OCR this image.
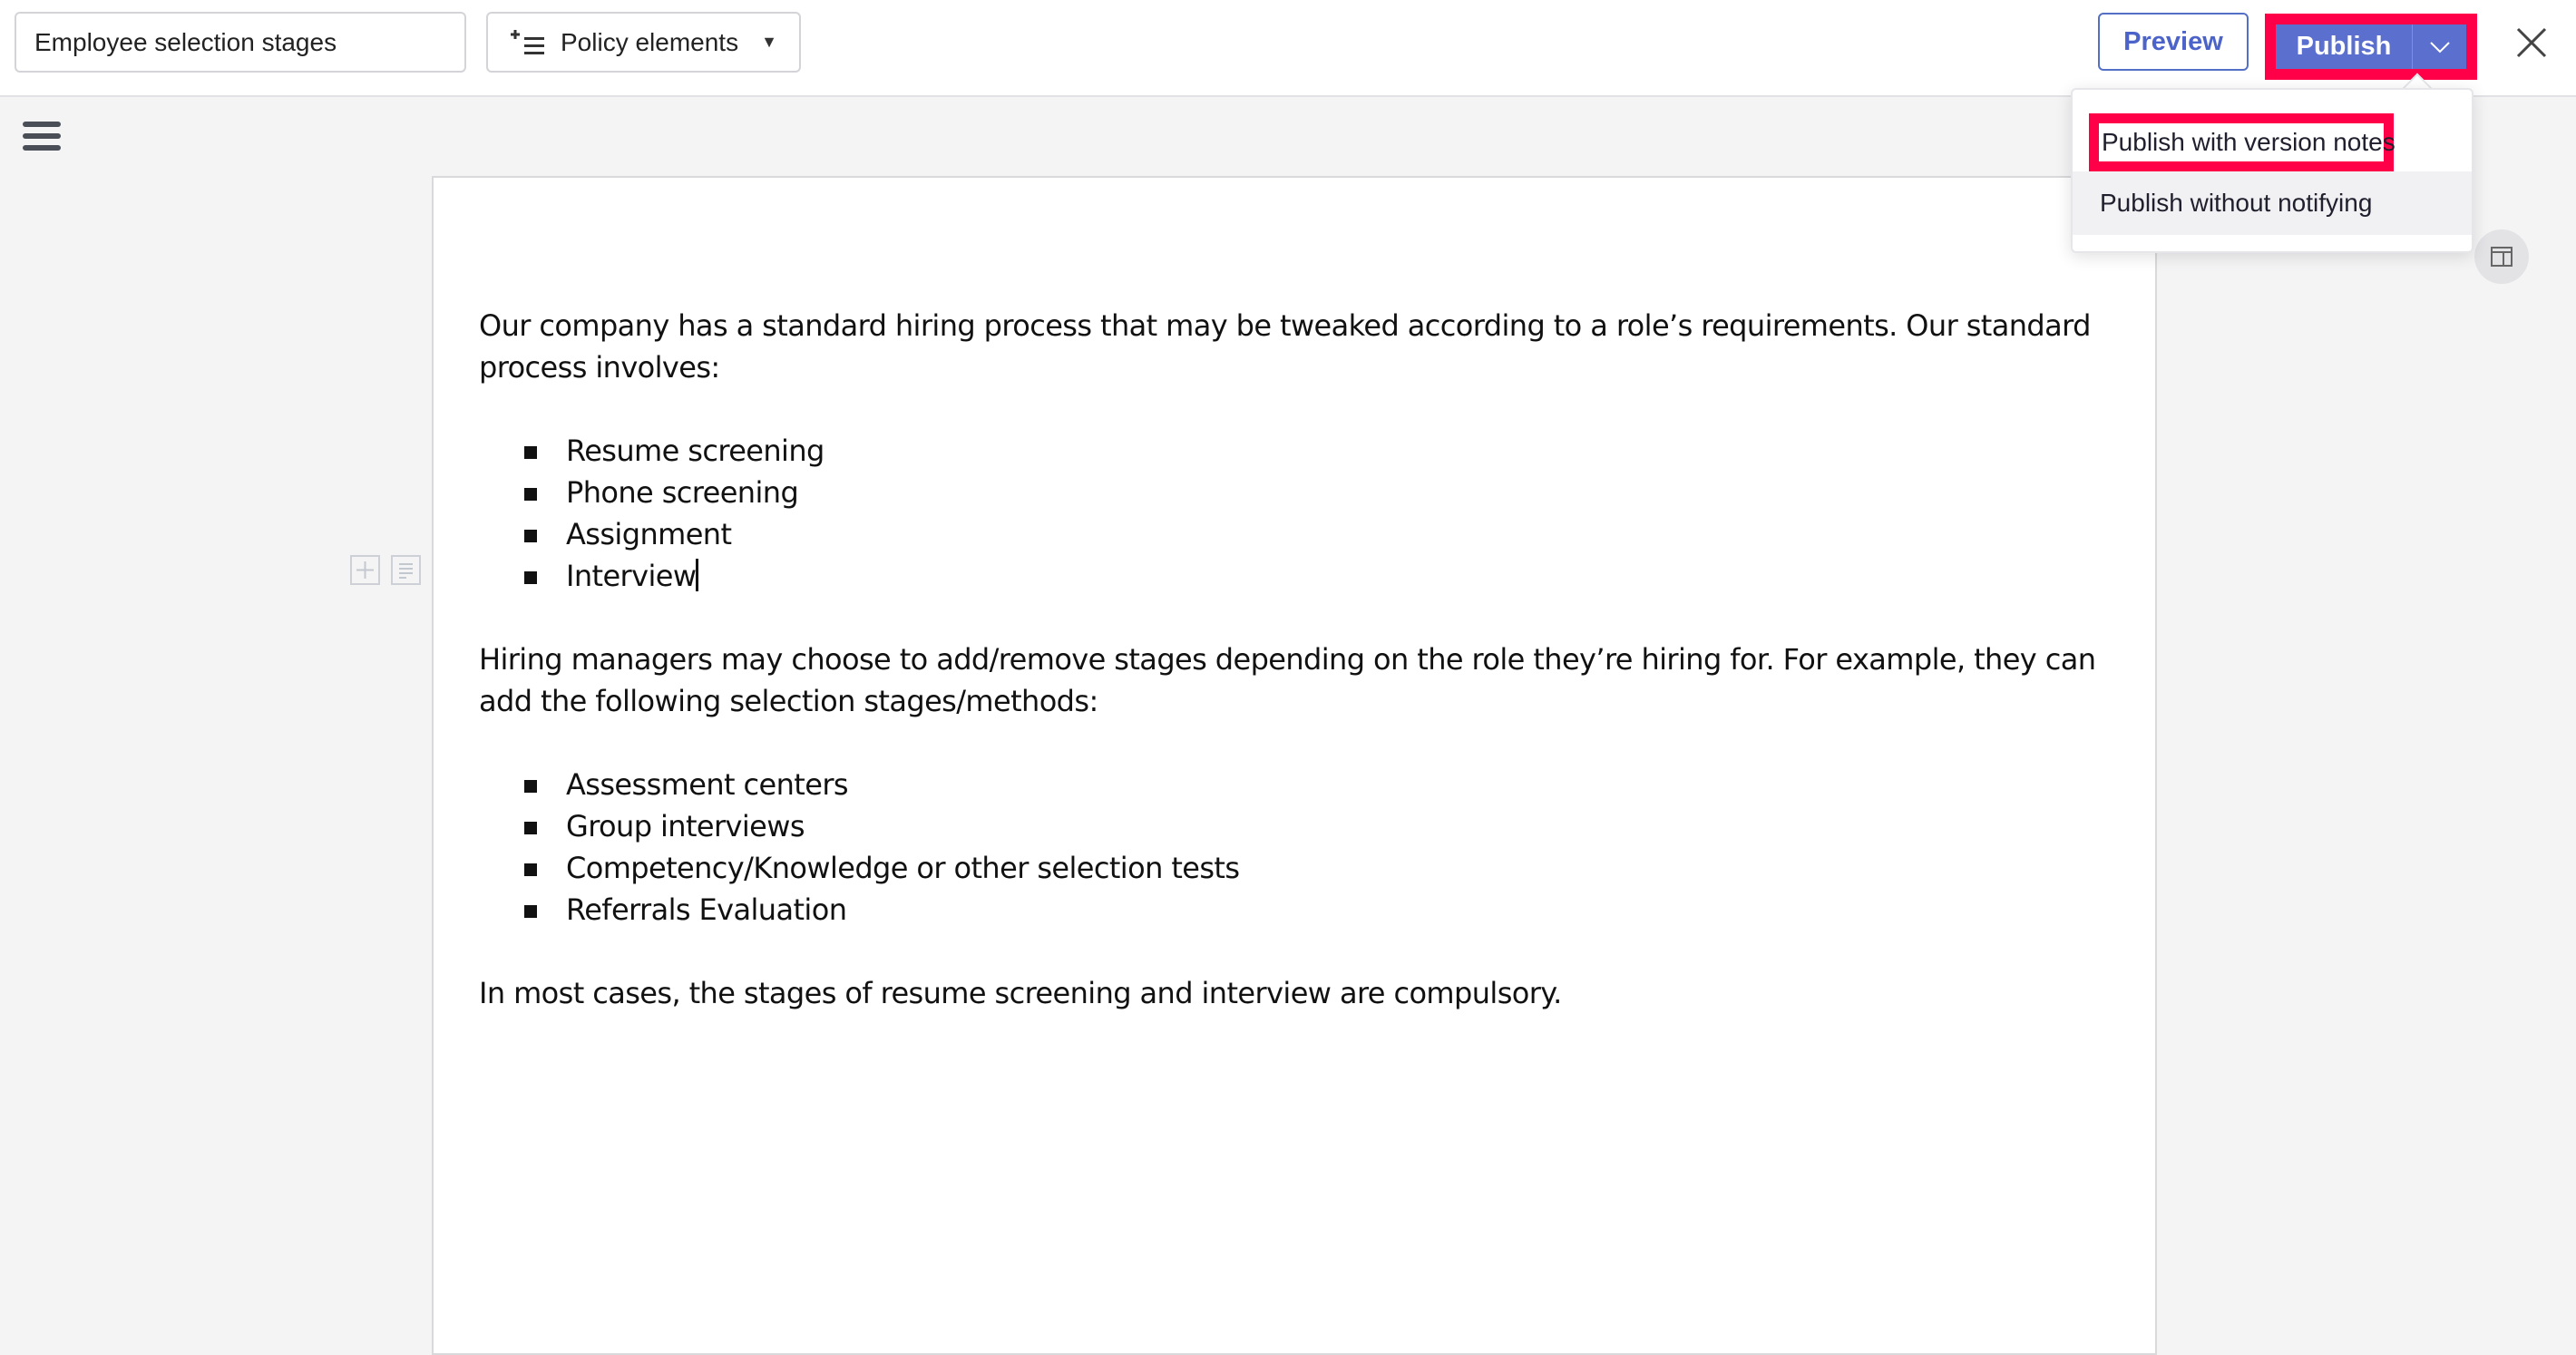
Employee selection stages	Policy elements ▼	Preview	Publish

Our company has a standard hiring process that may be tweaked according to a role’s requirements. Our standard process involves:

Resume screening
Phone screening
Assignment
Interview

Hiring managers may choose to add/remove stages depending on the role they’re hiring for. For example, they can add the following selection stages/methods:

Assessment centers
Group interviews
Competency/Knowledge or other selection tests
Referrals Evaluation

In most cases, the stages of resume screening and interview are compulsory.

Publish with version notes
Publish without notifying
